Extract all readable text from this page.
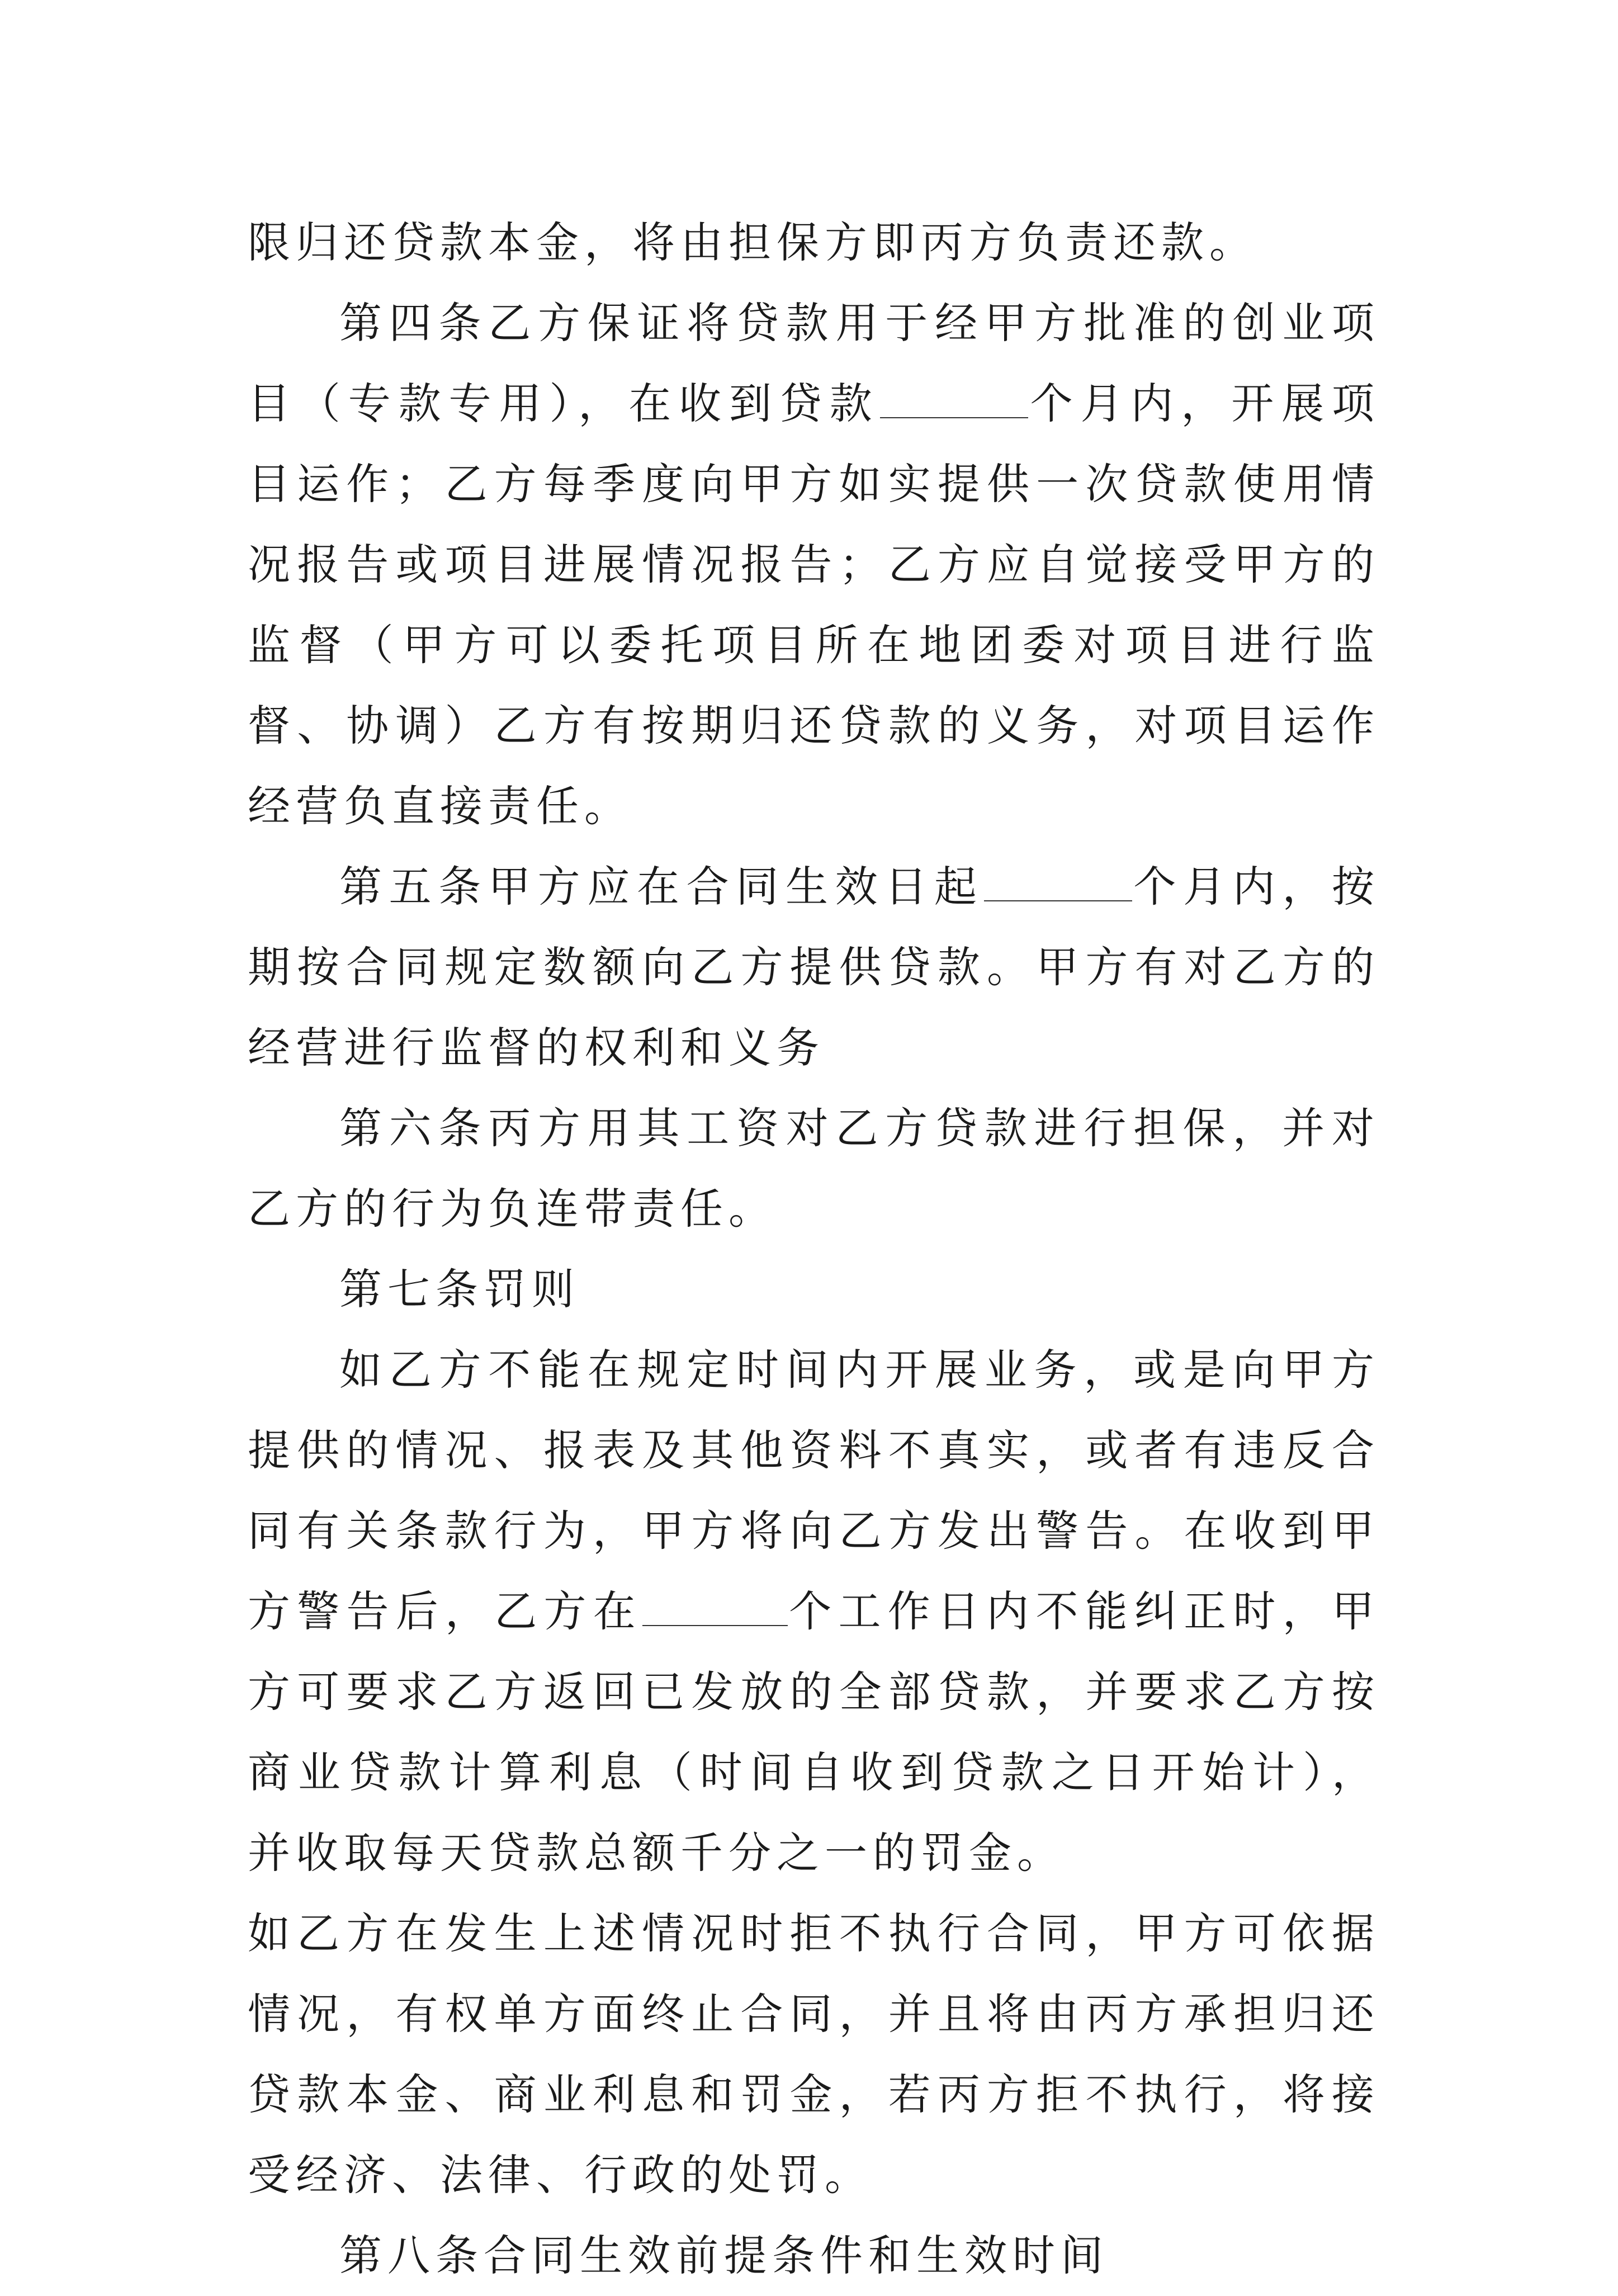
限归还贷款本金，将由担保方即丙方负责还款。

第四条乙方保证将贷款用于经甲方批准的创业项目（专款专用），在收到贷款	个月内，开展项目运作；乙方每季度向甲方如实提供一次贷款使用情况报告或项目进展情况报告；乙方应自觉接受甲方的监督（甲方可以委托项目所在地团委对项目进行监督、协调）乙方有按期归还贷款的义务，对项目运作经营负直接责任。

第五条甲方应在合同生效日起	个月内，按期按合同规定数额向乙方提供贷款。甲方有对乙方的经营进行监督的权利和义务

第六条丙方用其工资对乙方贷款进行担保，并对乙方的行为负连带责任。

第七条罚则

如乙方不能在规定时间内开展业务，或是向甲方提供的情况、报表及其他资料不真实，或者有违反合同有关条款行为，甲方将向乙方发出警告。在收到甲方警告后，乙方在	个工作日内不能纠正时，甲方可要求乙方返回已发放的全部贷款，并要求乙方按商业贷款计算利息（时间自收到贷款之日开始计），并收取每天贷款总额千分之一的罚金。

如乙方在发生上述情况时拒不执行合同，甲方可依据情况，有权单方面终止合同，并且将由丙方承担归还贷款本金、商业利息和罚金，若丙方拒不执行，将接受经济、法律、行政的处罚。

第八条合同生效前提条件和生效时间
